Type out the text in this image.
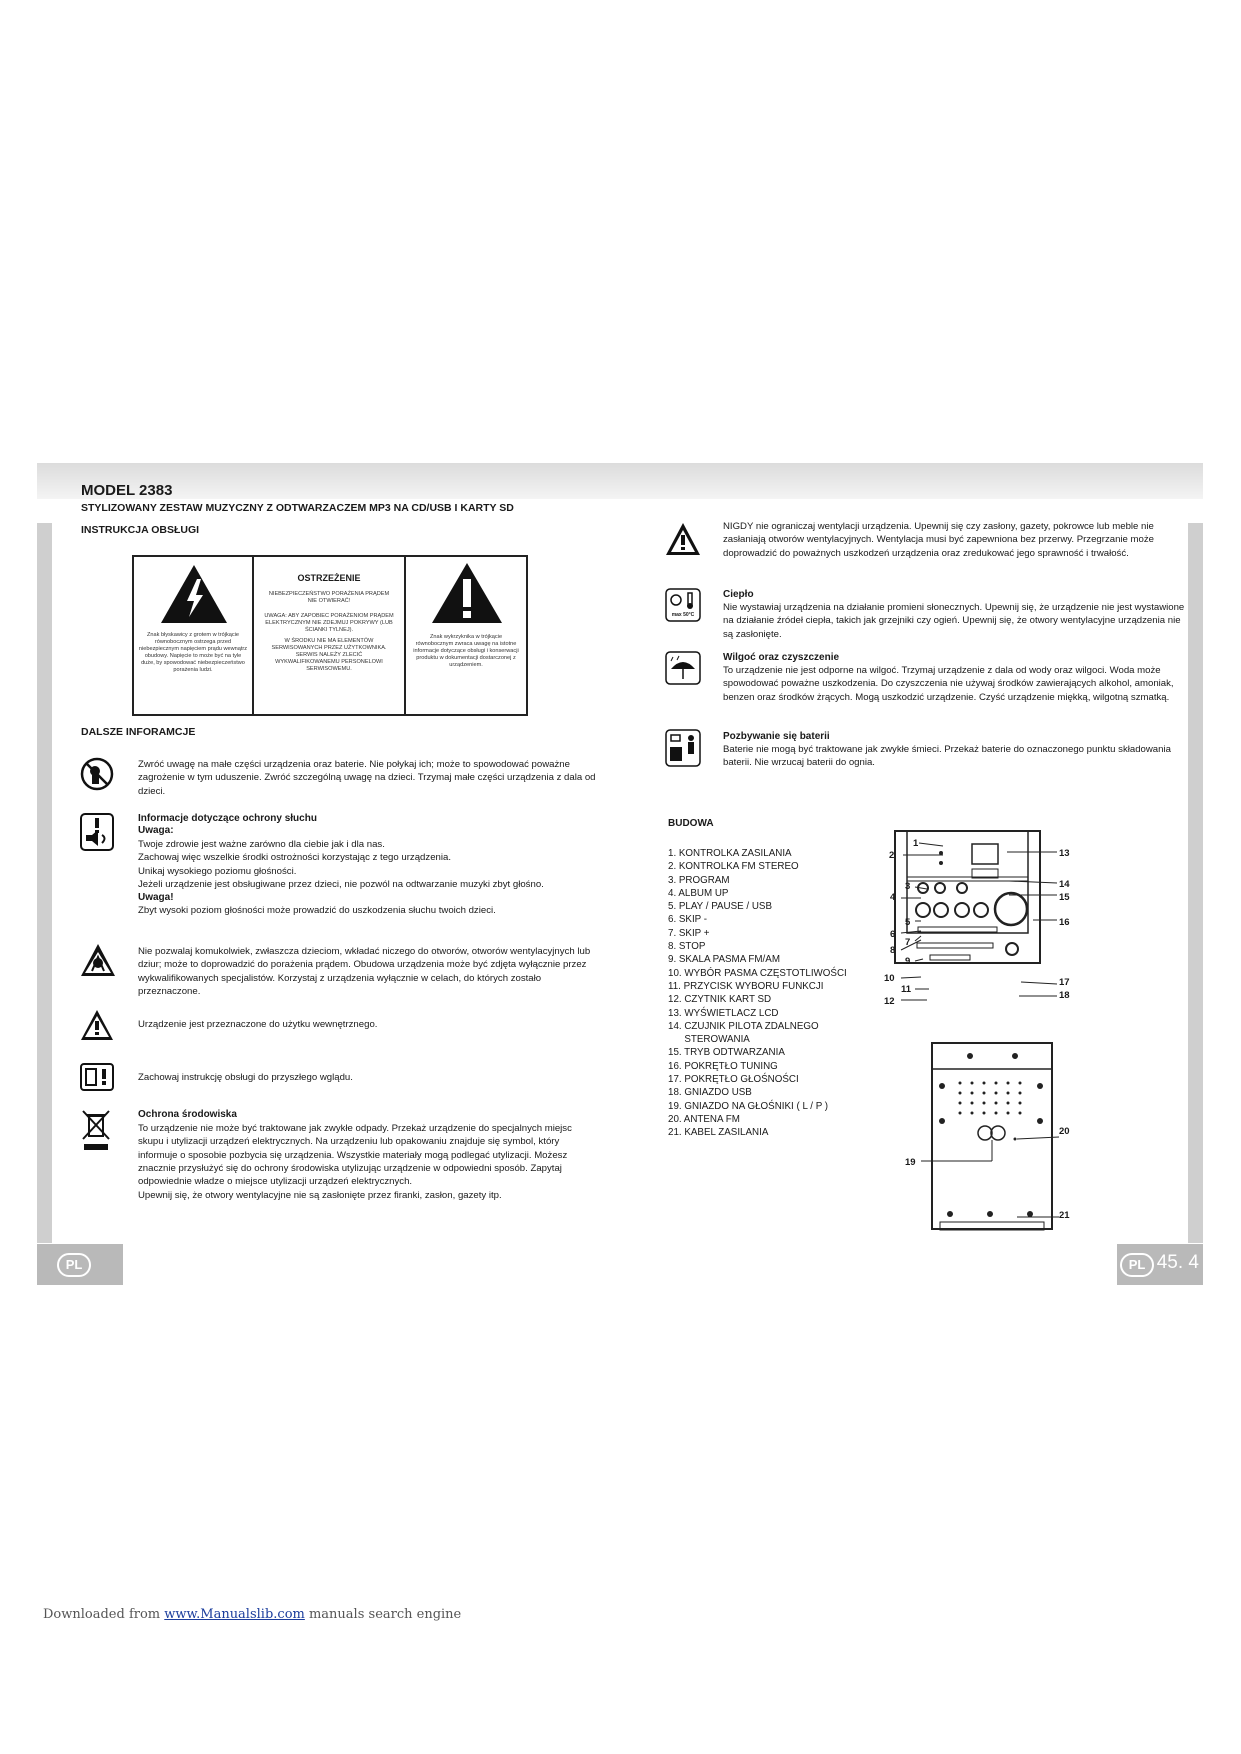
MODEL 2383
STYLIZOWANY ZESTAW MUZYCZNY Z ODTWARZACZEM MP3 NA CD/USB I KARTY SD
INSTRUKCJA OBSŁUGI
Znak błyskawicy z grotem w trójkącie równobocznym ostrzega przed niebezpiecznym napięciem prądu wewnątrz obudowy. Napięcie to może być na tyle duże, by spowodować niebezpieczeństwo porażenia ludzi.
OSTRZEŻENIE
NIEBEZPIECZEŃSTWO PORAŻENIA PRĄDEM
NIE OTWIERAĆ!
UWAGA: ABY ZAPOBIEC PORAŻENIOM PRĄDEM ELEKTRYCZNYM NIE ZDEJMUJ POKRYWY (LUB ŚCIANKI TYLNEJ).
W ŚRODKU NIE MA ELEMENTÓW SERWISOWANYCH PRZEZ UŻYTKOWNIKA. SERWIS NALEŻY ZLECIĆ WYKWALIFIKOWANEMU PERSONELOWI SERWISOWEMU.
Znak wykrzyknika w trójkącie równobocznym zwraca uwagę na istotne informacje dotyczące obsługi i konserwacji produktu w dokumentacji dostarczonej z urządzeniem.
DALSZE INFORAMCJE
Zwróć uwagę na małe części urządzenia oraz baterie. Nie połykaj ich; może to spowodować poważne zagrożenie w tym uduszenie. Zwróć szczególną uwagę na dzieci. Trzymaj małe części urządzenia z dala od dzieci.
Informacje dotyczące ochrony słuchu
Uwaga:
Twoje zdrowie jest ważne zarówno dla ciebie jak i dla nas.
Zachowaj więc wszelkie środki ostrożności korzystając z tego urządzenia.
Unikaj wysokiego poziomu głośności.
Jeżeli urządzenie jest obsługiwane przez dzieci, nie pozwól na odtwarzanie muzyki zbyt głośno.
Uwaga!
Zbyt wysoki poziom głośności może prowadzić do uszkodzenia słuchu twoich dzieci.
Nie pozwalaj komukolwiek, zwłaszcza dzieciom, wkładać niczego do otworów, otworów wentylacyjnych lub dziur; może to doprowadzić do porażenia prądem. Obudowa urządzenia może być zdjęta wyłącznie przez wykwalifikowanych specjalistów. Korzystaj z urządzenia wyłącznie w celach, do których zostało przeznaczone.
Urządzenie jest przeznaczone do użytku wewnętrznego.
Zachowaj instrukcję obsługi do przyszłego wglądu.
Ochrona środowiska
To urządzenie nie może być traktowane jak zwykłe odpady. Przekaż urządzenie do specjalnych miejsc skupu i utylizacji urządzeń elektrycznych. Na urządzeniu lub opakowaniu znajduje się symbol, który informuje o sposobie pozbycia się urządzenia. Wszystkie materiały mogą podlegać utylizacji. Możesz znacznie przysłużyć się do ochrony środowiska utylizując urządzenie w odpowiedni sposób. Zapytaj odpowiednie władze o miejsce utylizacji urządzeń elektrycznych.
Upewnij się, że otwory wentylacyjne nie są zasłonięte przez firanki, zasłon, gazety itp.
NIGDY nie ograniczaj wentylacji urządzenia. Upewnij się czy zasłony, gazety, pokrowce lub meble nie zasłaniają otworów wentylacyjnych. Wentylacja musi być zapewniona bez przerwy. Przegrzanie może doprowadzić do poważnych uszkodzeń urządzenia oraz zredukować jego sprawność i trwałość.
max 50°C
Ciepło
Nie wystawiaj urządzenia na działanie promieni słonecznych. Upewnij się, że urządzenie nie jest wystawione na działanie źródeł ciepła, takich jak grzejniki czy ogień. Upewnij się, że otwory wentylacyjne urządzenia nie są zasłonięte.
Wilgoć oraz czyszczenie
To urządzenie nie jest odporne na wilgoć. Trzymaj urządzenie z dala od wody oraz wilgoci. Woda może spowodować poważne uszkodzenia. Do czyszczenia nie używaj środków zawierających alkohol, amoniak, benzen oraz środków żrących. Mogą uszkodzić urządzenie. Czyść urządzenie miękką, wilgotną szmatką.
Pozbywanie się baterii
Baterie nie mogą być traktowane jak zwykłe śmieci. Przekaż baterie do oznaczonego punktu składowania baterii. Nie wrzucaj baterii do ognia.
BUDOWA
1. KONTROLKA ZASILANIA
2. KONTROLKA FM STEREO
3. PROGRAM
4. ALBUM UP
5. PLAY / PAUSE / USB
6. SKIP -
7. SKIP +
8. STOP
9. SKALA PASMA FM/AM
10. WYBÓR PASMA CZĘSTOTLIWOŚCI
11. PRZYCISK WYBORU FUNKCJI
12. CZYTNIK KART SD
13. WYŚWIETLACZ LCD
14. CZUJNIK PILOTA ZDALNEGO
STEROWANIA
15. TRYB ODTWARZANIA
16. POKRĘTŁO TUNING
17. POKRĘTŁO GŁOŚNOŚCI
18. GNIAZDO USB
19. GNIAZDO NA GŁOŚNIKI ( L / P )
20. ANTENA FM
21. KABEL ZASILANIA
1
2
3
4
5
6
7
8
9
10
11
12
13
14
15
16
17
18
20
19
21
PL	PL 45. 4
Downloaded from www.Manualslib.com manuals search engine
